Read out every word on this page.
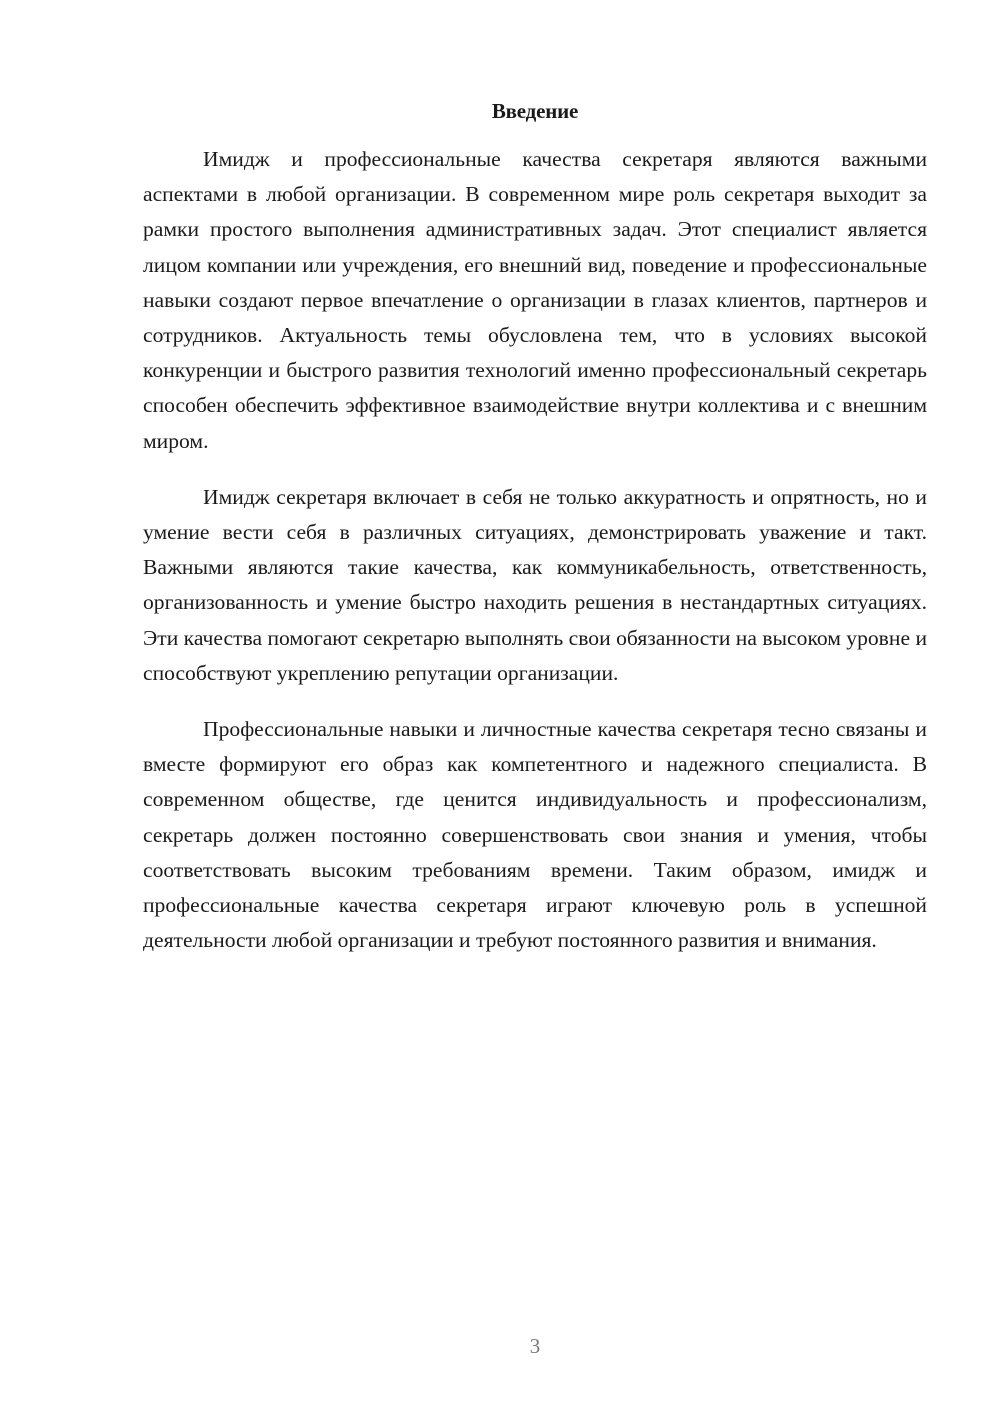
Введение

Имидж и профессиональные качества секретаря являются важными аспектами в любой организации. В современном мире роль секретаря выходит за рамки простого выполнения административных задач. Этот специалист является лицом компании или учреждения, его внешний вид, поведение и профессиональные навыки создают первое впечатление о организации в глазах клиентов, партнеров и сотрудников. Актуальность темы обусловлена тем, что в условиях высокой конкуренции и быстрого развития технологий именно профессиональный секретарь способен обеспечить эффективное взаимодействие внутри коллектива и с внешним миром.

Имидж секретаря включает в себя не только аккуратность и опрятность, но и умение вести себя в различных ситуациях, демонстрировать уважение и такт. Важными являются такие качества, как коммуникабельность, ответственность, организованность и умение быстро находить решения в нестандартных ситуациях. Эти качества помогают секретарю выполнять свои обязанности на высоком уровне и способствуют укреплению репутации организации.

Профессиональные навыки и личностные качества секретаря тесно связаны и вместе формируют его образ как компетентного и надежного специалиста. В современном обществе, где ценится индивидуальность и профессионализм, секретарь должен постоянно совершенствовать свои знания и умения, чтобы соответствовать высоким требованиям времени. Таким образом, имидж и профессиональные качества секретаря играют ключевую роль в успешной деятельности любой организации и требуют постоянного развития и внимания.

3
